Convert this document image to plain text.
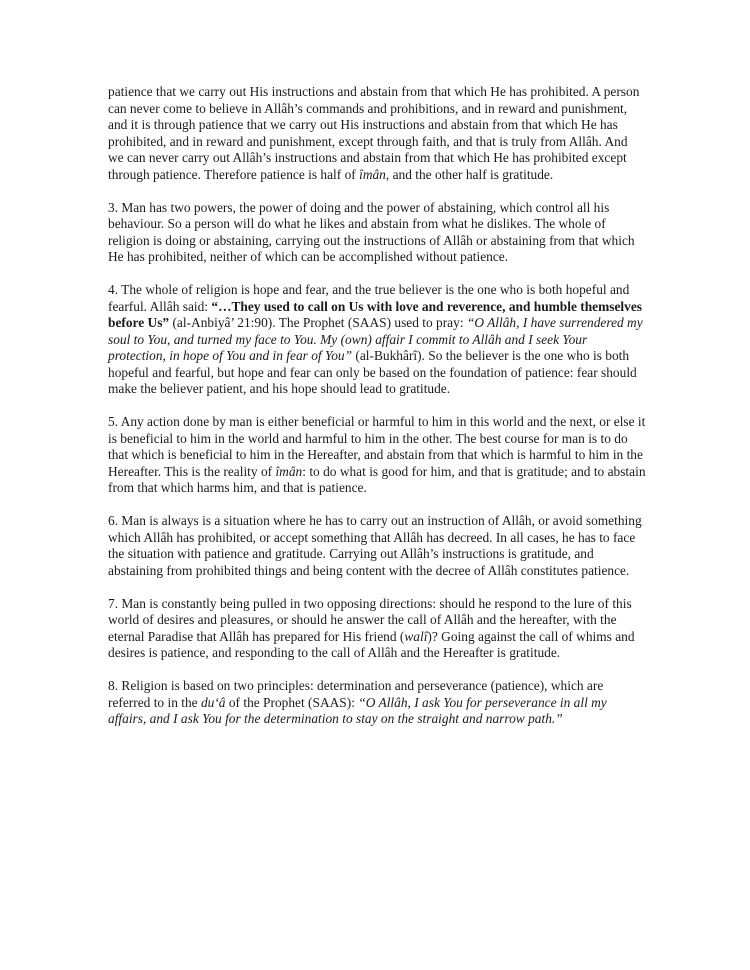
patience that we carry out His instructions and abstain from that which He has prohibited. A person can never come to believe in Allâh’s commands and prohibitions, and in reward and punishment, and it is through patience that we carry out His instructions and abstain from that which He has prohibited, and in reward and punishment, except through faith, and that is truly from Allâh. And we can never carry out Allâh’s instructions and abstain from that which He has prohibited except through patience. Therefore patience is half of îmân, and the other half is gratitude.

3. Man has two powers, the power of doing and the power of abstaining, which control all his behaviour. So a person will do what he likes and abstain from what he dislikes. The whole of religion is doing or abstaining, carrying out the instructions of Allâh or abstaining from that which He has prohibited, neither of which can be accomplished without patience.

4. The whole of religion is hope and fear, and the true believer is the one who is both hopeful and fearful. Allâh said: “…They used to call on Us with love and reverence, and humble themselves before Us” (al-Anbiyâ’ 21:90). The Prophet (SAAS) used to pray: “O Allâh, I have surrendered my soul to You, and turned my face to You. My (own) affair I commit to Allâh and I seek Your protection, in hope of You and in fear of You” (al-Bukhârî). So the believer is the one who is both hopeful and fearful, but hope and fear can only be based on the foundation of patience: fear should make the believer patient, and his hope should lead to gratitude.

5. Any action done by man is either beneficial or harmful to him in this world and the next, or else it is beneficial to him in the world and harmful to him in the other. The best course for man is to do that which is beneficial to him in the Hereafter, and abstain from that which is harmful to him in the Hereafter. This is the reality of îmân: to do what is good for him, and that is gratitude; and to abstain from that which harms him, and that is patience.

6. Man is always is a situation where he has to carry out an instruction of Allâh, or avoid something which Allâh has prohibited, or accept something that Allâh has decreed. In all cases, he has to face the situation with patience and gratitude. Carrying out Allâh’s instructions is gratitude, and abstaining from prohibited things and being content with the decree of Allâh constitutes patience.

7. Man is constantly being pulled in two opposing directions: should he respond to the lure of this world of desires and pleasures, or should he answer the call of Allâh and the hereafter, with the eternal Paradise that Allâh has prepared for His friend (walî)? Going against the call of whims and desires is patience, and responding to the call of Allâh and the Hereafter is gratitude.

8. Religion is based on two principles: determination and perseverance (patience), which are referred to in the du‘â of the Prophet (SAAS): “O Allâh, I ask You for perseverance in all my affairs, and I ask You for the determination to stay on the straight and narrow path.”
